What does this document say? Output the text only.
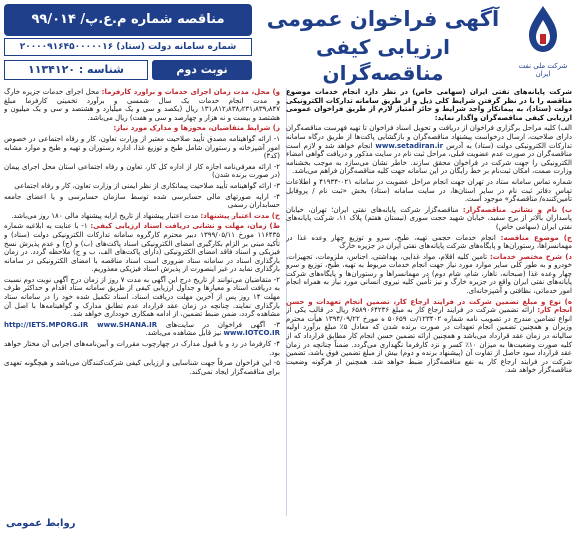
شرکت ملی نفت ایران
آگهی فراخوان عمومی
ارزیابی کیفی مناقصه‌گران
مناقصه شماره م.ع.پ/ ۹۹/۰۱۴
شماره سامانه دولت (ستاد) ۲۰۰۰۰۹۱۶۴۵۰۰۰۰۰۱۶
شناسه : ۱۱۳۴۱۲۰	نوبت دوم

شرکت پایانه‌های نفتی ایران (سهامی خاص) در نظر دارد انجام خدمات موضوع مناقصه را با در نظر گرفتن شرایط کلی ذیل و از طریق سامانه تدارکات الکترونیکی دولت (ستاد)، به پیمانکار واجد شرایط و حائز امتیاز لازم از طریق فراخوان عمومی ارزیابی کیفی مناقصه‌گران واگذار نماید:

الف) کلیه مراحل برگزاری فراخوان از دریافت و تحویل اسناد فراخوان تا تهیه فهرست مناقصه‌گران دارای صلاحیت، ارسال درخواست پیشنهاد مناقصه‌گران و بازگشایی پاکت‌ها از طریق درگاه سامانه تدارکات الکترونیکی دولت (ستاد) به آدرس www.setadiran.ir انجام خواهد شد و لازم است مناقصه‌گران در صورت عدم عضویت قبلی، مراحل ثبت نام در سایت مذکور و دریافت گواهی امضاء الکترونیکی را جهت شرکت در فراخوان محقق سازند. خاطر نشان می‌سازد به موجب بخشنامه وزارت صمت، امکان ثبت‌نام بر خط رایگان در این سامانه جهت کلیه مناقصه‌گران فراهم می‌باشد.

شماره تماس سامانه ستاد در تهران جهت انجام مراحل عضویت در سامانه ۰۲۱-۴۱۹۳۴ و اطلاعات تماس دفاتر ثبت نام در سایر استان‌ها، در سایت سامانه (ستاد) بخش «ثبت نام / پروفایل تأمین‌کننده/ مناقصه‌گر» موجود است.

ب) نام و نشانی مناقصه‌گزار: مناقصه‌گزار شرکت پایانه‌های نفتی ایران؛ تهران، خیابان پاسداران بالاتر از برج سفید، خیابان شهید حجت سوری (نیستان هفتم) پلاک ۱۱، شرکت پایانه‌های نفتی ایران (سهامی خاص)

ج) موضوع مناقصه: انجام خدمات حجمی تهیه، طبخ، سرو و توزیع چهار وعده غذا در مهمانسراها، رستوران‌ها و پایگاه‌های شرکت پایانه‌های نفتی ایران در جزیره خارگ

د) شرح مختصر خدمات: تامین کلیه اقلام، مواد غذایی، بهداشتی، اجناس، ملزومات، تجهیزات، خودرو و به طور کلی سایر موارد مورد نیاز جهت انجام خدمات مربوط به تهیه، طبخ، توزیع و سرو چهار وعده غذا (صبحانه، ناهار، شام، شام دوم) در مهمانسراها و رستوران‌ها و پایگاه‌های شرکت پایانه‌های نفتی ایران واقع در جزیره خارگ و نیز تأمین کلیه نیروی انسانی مورد نیاز به همراه انجام امور خدماتی، نظافتی و آشپزخانه‌ای.

ه) نوع و مبلغ تضمین شرکت در فرایند ارجاع کار، تضمین انجام تعهدات و حسن انجام کار: ارائه تضمین شرکت در فرایند ارجاع کار به مبلغ ۶۵۸۹۰۶۴۲۳۶ ریال در قالب یکی از انواع تضامین مندرج در تصویب نامه شماره ۱۲۳۴۰۲/ت ۵۰۶۵۹ ه مورخ ۱۳۹۴/۰۹/۲۲ هیأت محترم وزیران و همچنین تضمین انجام تعهدات در صورت برنده شدن که معادل ۵٪ مبلغ برآورد اولیه سالیانه در زمان عقد قرارداد می‌باشد و همچنین ارائه تضمین حسن انجام کار مطابق قرارداد که از کلیه صورت وضعیت‌ها به میزان ۱۰٪ کسر و نزد کارفرما نگهداری می‌گردد. ضمناً چنانچه در زمان عقد قرارداد سود حاصل از تفاوت آن (پیشنهاد برنده و دوم) بیش از مبلغ تضمین فوق باشد، تضمین شرکت در فرایند ارجاع کار به نفع مناقصه‌گزار ضبط خواهد شد. همچنین از هرگونه وضعیت مناقصه‌گزار خواهد شد.

و) محل، مدت زمان اجرای خدمات و برآورد کارفرما: محل اجرای خدمات جزیره خارگ و مدت انجام خدمات یک سال شمسی و برآورد تخمینی کارفرما مبلغ ۱۳۱٫۸۱۲٫۸۳۸٫۲۳۱٫۸۳۹٫۸۴۷ ریال (یکصد و سی و یک میلیارد و هشتصد و سی و یک میلیون و هشتصد و بیست و نه هزار و چهارصد و سی و هفت) ریال می‌باشد.

ز) شرایط متقاضیان، محوزها و مدارک مورد نیاز:

۱- ارائه گواهینامه مصدق تأیید صلاحیت معتبر از وزارت تعاون، کار و رفاه اجتماعی در خصوص امور آشپزخانه و رستوران شامل طبخ و توزیع غذا، اداره رستوران و تهیه و طبخ و موارد مشابه (کد۳)

۲- ارائه معرفی‌نامه اجازه کار از اداره کل کار، تعاون و رفاه اجتماعی استان محل اجرای پیمان (در صورت برنده شدن)

۳- ارائه گواهینامه تأیید صلاحیت پیمانکاری از نظر ایمنی از وزارت تعاون، کار و رفاه اجتماعی

۴- ارایه صورتهای مالی حسابرسی شده توسط سازمان حسابرسی و یا اعضای جامعه حسابداران رسمی

ح) مدت اعتبار پیشنهاد: مدت اعتبار پیشنهاد از تاریخ ارایه پیشنهاد مالی ۱۸۰ روز می‌باشد.

ط) زمان، مهلت و نشانی دریافت اسناد ارزیابی کیفی: ۱- با عنایت به ابلاغیه شماره ۱۱۶۴۳۵ مورخ ۱۳۹۹/۰۵/۱۱ دبیر محترم کارگروه سامانه تدارکات الکترونیکی دولت (ستاد) و تأکید مبنی بر الزام بکارگیری امضای الکترونیکی اسناد پاکت‌های (ب) و (ج) و عدم پذیرش نسخ فیزیکی و اسناد فاقد امضای الکترونیکی (دارای پاکت‌های الف، ب و ج) ملاحظه گردد. در زمان بارگذاری اسناد در سامانه ستاد ضروری است اسناد مناقصه با امضای الکترونیکی در سامانه بارگذاری نماید در غیر اینصورت از پذیرش اسناد فیزیکی معذوریم.

۲- متقاضیان می‌توانند از تاریخ درج این آگهی به مدت ۷ روز از زمان درج آگهی نوبت دوم نسبت به دریافت اسناد و معیارها و جداول ارزیابی کیفی از طریق سامانه ستاد اقدام و حداکثر ظرف مهلت ۱۴ روز پس از آخرین مهلت دریافت اسناد، اسناد تکمیل شده خود را در سامانه ستاد بارگذاری نمایند. چنانچه در زمان عقد قرارداد عدم تطابق مدارک و گواهینامه‌ها با اصل آن مشاهده گردد، ضمن ضبط تضمین، از ادامه همکاری خودداری خواهد شد.

۳- آگهی فراخوان در سایت‌های http://IETS.MPORG.IR www.SHANA.IR www.IOTCO.IR نیز قابل مشاهده می‌باشد.

۴- کارفرما در رد و یا قبول مدارک در چهارچوب مقررات و آیین‌نامه‌های اجرایی آن مختار خواهد بود.

۵- این فراخوان صرفاً جهت شناسایی و ارزیابی کیفی شرکت‌کنندگان می‌باشد و هیچگونه تعهدی برای مناقصه‌گزار ایجاد نمی‌کند.

روابط عمومی
